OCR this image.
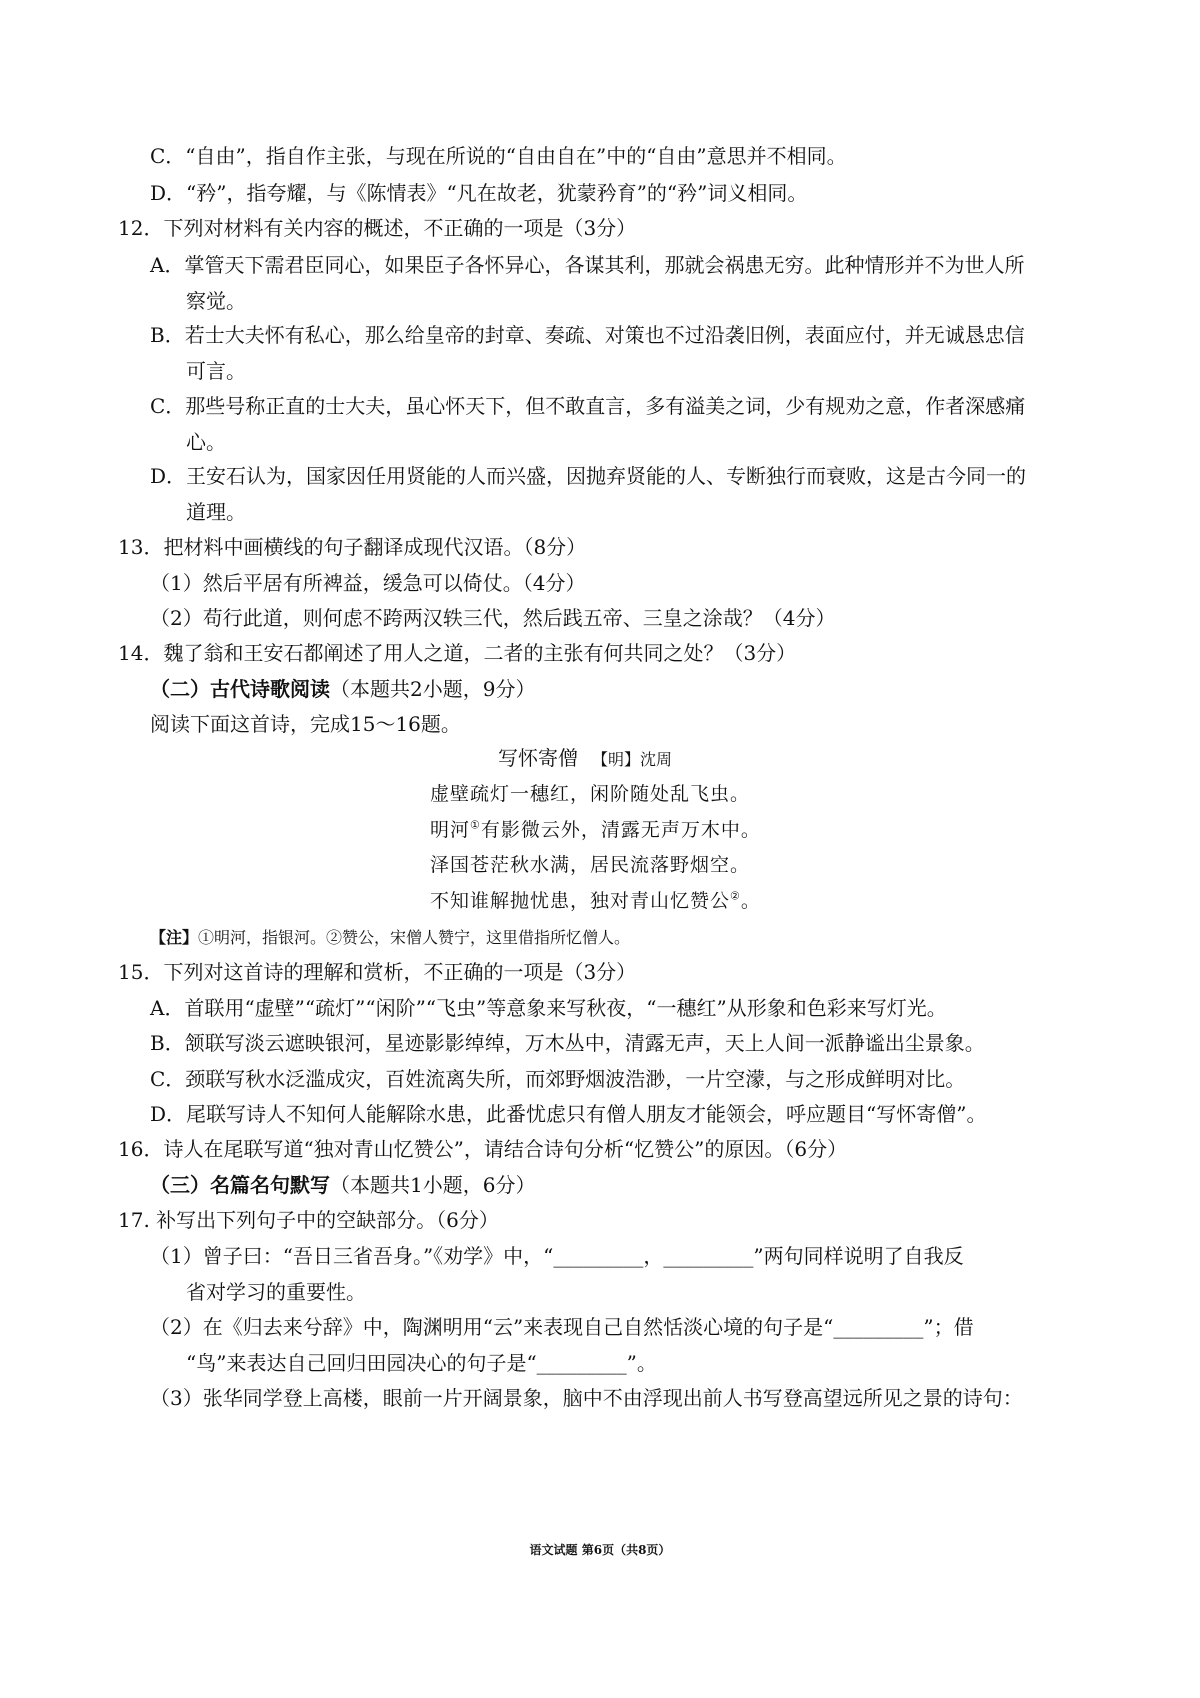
C．“自由”，指自作主张，与现在所说的“自由自在”中的“自由”意思并不相同。
D．“矜”，指夸耀，与《陈情表》“凡在故老，犹蒙矜育”的“矜”词义相同。
12．下列对材料有关内容的概述，不正确的一项是（3分）
A．掌管天下需君臣同心，如果臣子各怀异心，各谋其利，那就会祸患无穷。此种情形并不为世人所
察觉。
B．若士大夫怀有私心，那么给皇帝的封章、奏疏、对策也不过沿袭旧例，表面应付，并无诚恳忠信
可言。
C．那些号称正直的士大夫，虽心怀天下，但不敢直言，多有溢美之词，少有规劝之意，作者深感痛
心。
D．王安石认为，国家因任用贤能的人而兴盛，因抛弃贤能的人、专断独行而衰败，这是古今同一的
道理。
13．把材料中画横线的句子翻译成现代汉语。（8分）
（1）然后平居有所裨益，缓急可以倚仗。（4分）
（2）苟行此道，则何虑不跨两汉轶三代，然后践五帝、三皇之涂哉？（4分）
14．魏了翁和王安石都阐述了用人之道，二者的主张有何共同之处？（3分）
（二）古代诗歌阅读（本题共2小题，9分）
阅读下面这首诗，完成15～16题。
写怀寄僧 【明】沈周
虚壁疏灯一穗红，闲阶随处乱飞虫。
明河①有影微云外，清露无声万木中。
泽国苍茫秋水满，居民流落野烟空。
不知谁解抛忧患，独对青山忆赞公②。
【注】①明河，指银河。②赞公，宋僧人赞宁，这里借指所忆僧人。
15．下列对这首诗的理解和赏析，不正确的一项是（3分）
A．首联用“虚壁”“疏灯”“闲阶”“飞虫”等意象来写秋夜，“一穗红”从形象和色彩来写灯光。
B．颔联写淡云遮映银河，星迹影影绰绰，万木丛中，清露无声，天上人间一派静谧出尘景象。
C．颈联写秋水泛滥成灾，百姓流离失所，而郊野烟波浩渺，一片空濛，与之形成鲜明对比。
D．尾联写诗人不知何人能解除水患，此番忧虑只有僧人朋友才能领会，呼应题目“写怀寄僧”。
16．诗人在尾联写道“独对青山忆赞公”，请结合诗句分析“忆赞公”的原因。（6分）
（三）名篇名句默写（本题共1小题，6分）
17. 补写出下列句子中的空缺部分。（6分）
（1）曾子曰：“吾日三省吾身。”《劝学》中，“_________，_________”两句同样说明了自我反
省对学习的重要性。
（2）在《归去来兮辞》中，陶渊明用“云”来表现自己自然恬淡心境的句子是“_________”；借
“鸟”来表达自己回归田园决心的句子是“_________”。
（3）张华同学登上高楼，眼前一片开阔景象，脑中不由浮现出前人书写登高望远所见之景的诗句：
语文试题 第6页（共8页）
